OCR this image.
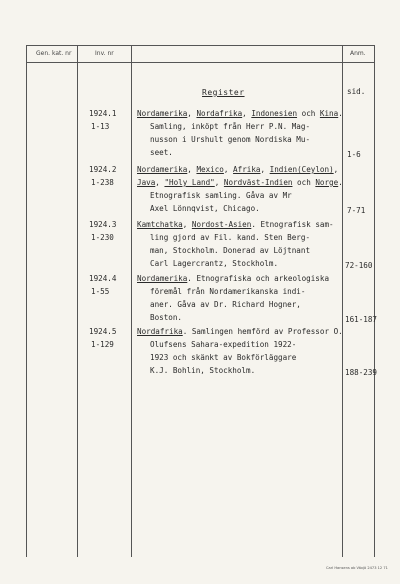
Gen. kat. nr	Inv. nr	Anm.
Register	sid.
1924.1
1-13
Nordamerika, Nordafrika, Indonesien och Kina.
Samling, inköpt från Herr P.N. Mag-
nusson i Urshult genom Nordiska Mu-
seet.	1-6
1924.2
1-238
Nordamerika, Mexico, Afrika, Indien(Ceylon),
Java, "Holy Land", Nordväst-Indien och Norge.
Etnografisk samling. Gåva av Mr
Axel Lönnqvist, Chicago.	7-71
1924.3
1-230
Kamtchatka, Nordost-Asien. Etnografisk sam-
ling gjord av Fil. kand. Sten Berg-
man, Stockholm. Donerad av Löjtnant
Carl Lagercrantz, Stockholm.	72-160
1924.4
1-55
Nordamerika. Etnografiska och arkeologiska
föremål från Nordamerikanska indi-
aner. Gåva av Dr. Richard Hogner,
Boston.	161-187
1924.5
1-129
Nordafrika. Samlingen hemförd av Professor O.
Olufsens Sahara-expedition 1922-
1923 och skänkt av Bokförläggare
K.J. Bohlin, Stockholm.	188-239
Carl Hansens ab Växjö 2473 12 71
